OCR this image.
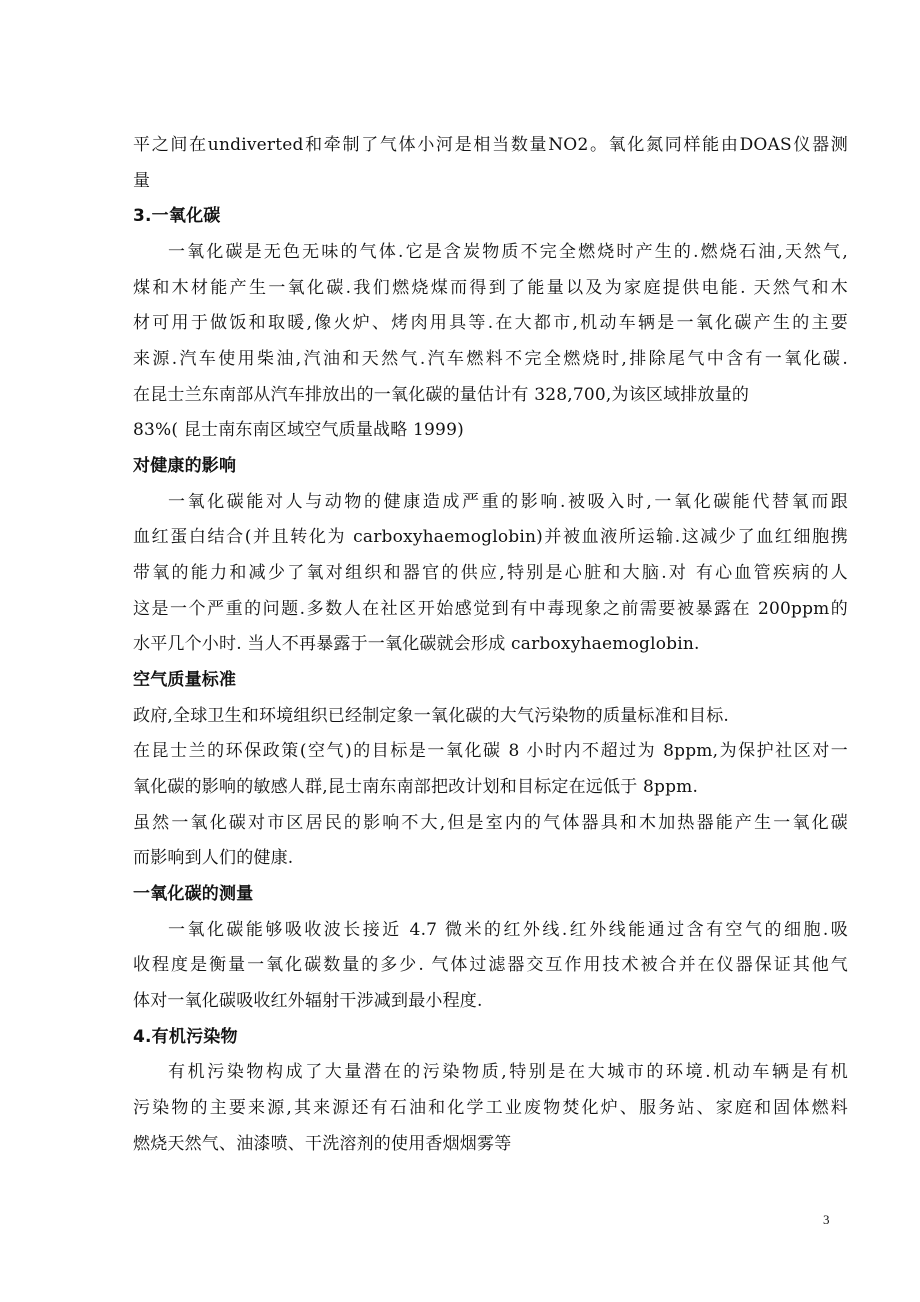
平之间在undiverted和牵制了气体小河是相当数量NO2。氧化氮同样能由DOAS仪器测
量
3.一氧化碳
一氧化碳是无色无味的气体.它是含炭物质不完全燃烧时产生的.燃烧石油,天然气,
煤和木材能产生一氧化碳.我们燃烧煤而得到了能量以及为家庭提供电能. 天然气和木
材可用于做饭和取暖,像火炉、烤肉用具等.在大都市,机动车辆是一氧化碳产生的主要
来源.汽车使用柴油,汽油和天然气.汽车燃料不完全燃烧时,排除尾气中含有一氧化碳.
在昆士兰东南部从汽车排放出的一氧化碳的量估计有 328,700,为该区域排放量的
83%( 昆士南东南区域空气质量战略 1999)
对健康的影响
一氧化碳能对人与动物的健康造成严重的影响.被吸入时,一氧化碳能代替氧而跟
血红蛋白结合(并且转化为 carboxyhaemoglobin)并被血液所运输.这减少了血红细胞携
带氧的能力和减少了氧对组织和器官的供应,特别是心脏和大脑.对 有心血管疾病的人
这是一个严重的问题.多数人在社区开始感觉到有中毒现象之前需要被暴露在 200ppm的
水平几个小时. 当人不再暴露于一氧化碳就会形成 carboxyhaemoglobin.
空气质量标准
政府,全球卫生和环境组织已经制定象一氧化碳的大气污染物的质量标准和目标.
在昆士兰的环保政策(空气)的目标是一氧化碳 8 小时内不超过为 8ppm,为保护社区对一
氧化碳的影响的敏感人群,昆士南东南部把改计划和目标定在远低于 8ppm.
虽然一氧化碳对市区居民的影响不大,但是室内的气体器具和木加热器能产生一氧化碳
而影响到人们的健康.
一氧化碳的测量
一氧化碳能够吸收波长接近 4.7 微米的红外线.红外线能通过含有空气的细胞.吸
收程度是衡量一氧化碳数量的多少. 气体过滤器交互作用技术被合并在仪器保证其他气
体对一氧化碳吸收红外辐射干涉减到最小程度.
4.有机污染物
有机污染物构成了大量潜在的污染物质,特别是在大城市的环境.机动车辆是有机
污染物的主要来源,其来源还有石油和化学工业废物焚化炉、服务站、家庭和固体燃料
燃烧天然气、油漆喷、干洗溶剂的使用香烟烟雾等
3
